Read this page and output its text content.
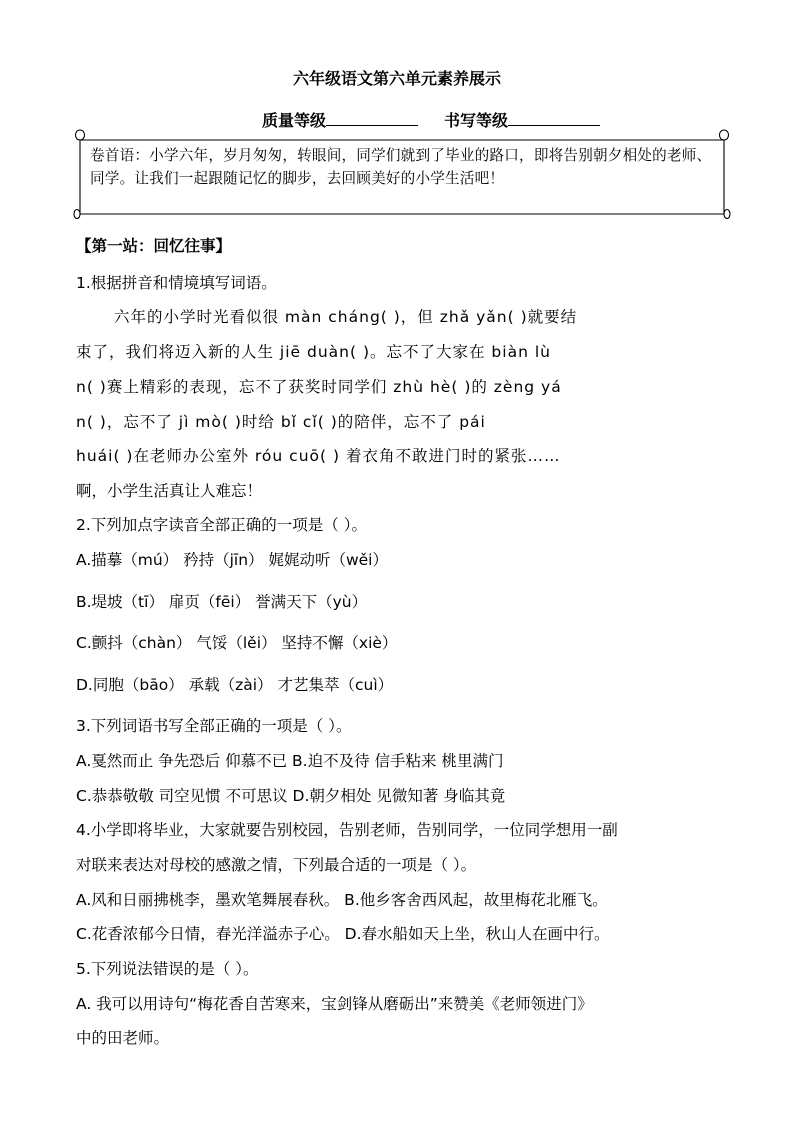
六年级语文第六单元素养展示
质量等级	书写等级
卷首语：小学六年，岁月匆匆，转眼间，同学们就到了毕业的路口，即将告别朝夕相处的老师、同学。让我们一起跟随记忆的脚步，去回顾美好的小学生活吧！
【第一站：回忆往事】
1.根据拼音和情境填写词语。
六年的小学时光看似很 màn cháng( )，但 zhǎ yǎn( )就要结
束了，我们将迈入新的人生 jiē duàn( )。忘不了大家在 biàn lù
n( )赛上精彩的表现，忘不了获奖时同学们 zhù hè( )的 zèng yá
n( )，忘不了 jì mò( )时给 bǐ cǐ( )的陪伴，忘不了 pái
huái( )在老师办公室外 róu cuō( ) 着衣角不敢进门时的紧张……
啊，小学生活真让人难忘！
2.下列加点字读音全部正确的一项是（ ）。
A.描摹（mú） 矜持（jīn） 娓娓动听（wěi）
B.堤坡（tī） 扉页（fēi） 誉满天下（yù）
C.颤抖（chàn） 气馁（lěi） 坚持不懈（xiè）
D.同胞（bāo） 承载（zài） 才艺集萃（cuì）
3.下列词语书写全部正确的一项是（ ）。
A.戛然而止 争先恐后 仰慕不已 B.迫不及待 信手粘来 桃里满门
C.恭恭敬敬 司空见惯 不可思议 D.朝夕相处 见微知著 身临其竟
4.小学即将毕业，大家就要告别校园，告别老师，告别同学，一位同学想用一副
对联来表达对母校的感激之情，下列最合适的一项是（ ）。
A.风和日丽拂桃李，墨欢笔舞展春秋。 B.他乡客舍西风起，故里梅花北雁飞。
C.花香浓郁今日情，春光洋溢赤子心。 D.春水船如天上坐，秋山人在画中行。
5.下列说法错误的是（ ）。
A. 我可以用诗句“梅花香自苦寒来，宝剑锋从磨砺出”来赞美《老师领进门》
中的田老师。
